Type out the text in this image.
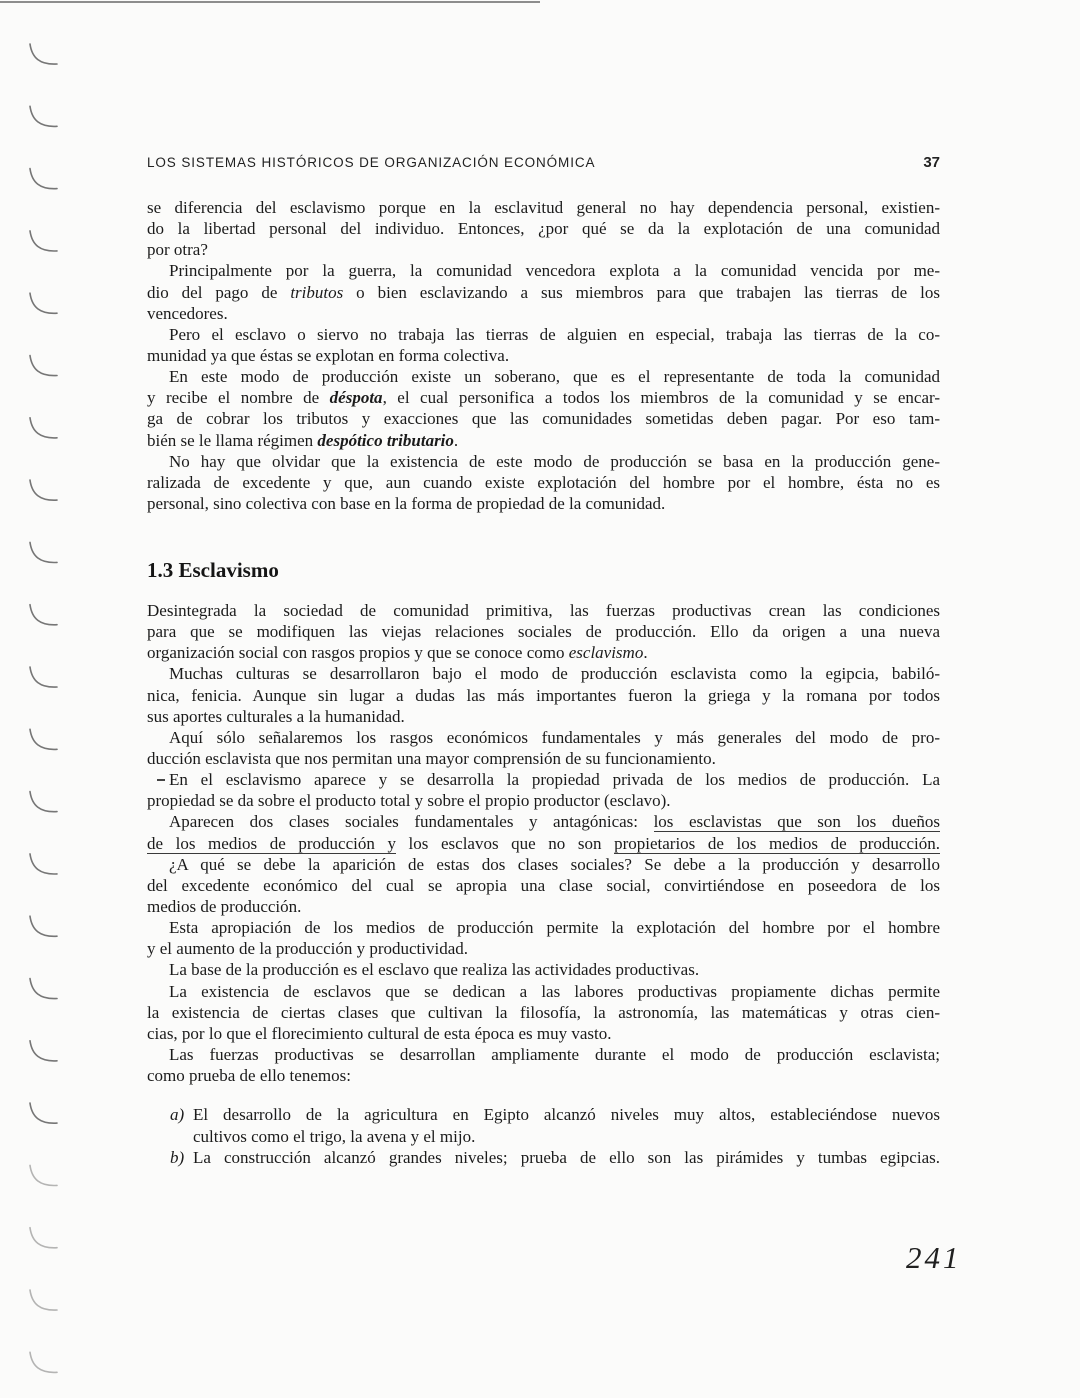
LOS SISTEMAS HISTÓRICOS DE ORGANIZACIÓN ECONÓMICA	37
se diferencia del esclavismo porque en la esclavitud general no hay dependencia personal, existien-
do la libertad personal del individuo. Entonces, ¿por qué se da la explotación de una comunidad
por otra?
Principalmente por la guerra, la comunidad vencedora explota a la comunidad vencida por me-
dio del pago de tributos o bien esclavizando a sus miembros para que trabajen las tierras de los
vencedores.
Pero el esclavo o siervo no trabaja las tierras de alguien en especial, trabaja las tierras de la co-
munidad ya que éstas se explotan en forma colectiva.
En este modo de producción existe un soberano, que es el representante de toda la comunidad
y recibe el nombre de déspota, el cual personifica a todos los miembros de la comunidad y se encar-
ga de cobrar los tributos y exacciones que las comunidades sometidas deben pagar. Por eso tam-
bién se le llama régimen despótico tributario.
No hay que olvidar que la existencia de este modo de producción se basa en la producción gene-
ralizada de excedente y que, aun cuando existe explotación del hombre por el hombre, ésta no es
personal, sino colectiva con base en la forma de propiedad de la comunidad.
1.3 Esclavismo
Desintegrada la sociedad de comunidad primitiva, las fuerzas productivas crean las condiciones
para que se modifiquen las viejas relaciones sociales de producción. Ello da origen a una nueva
organización social con rasgos propios y que se conoce como esclavismo.
Muchas culturas se desarrollaron bajo el modo de producción esclavista como la egipcia, babiló-
nica, fenicia. Aunque sin lugar a dudas las más importantes fueron la griega y la romana por todos
sus aportes culturales a la humanidad.
Aquí sólo señalaremos los rasgos económicos fundamentales y más generales del modo de pro-
ducción esclavista que nos permitan una mayor comprensión de su funcionamiento.
En el esclavismo aparece y se desarrolla la propiedad privada de los medios de producción. La
propiedad se da sobre el producto total y sobre el propio productor (esclavo).
Aparecen dos clases sociales fundamentales y antagónicas: los esclavistas que son los dueños
de los medios de producción y los esclavos que no son propietarios de los medios de producción.
¿A qué se debe la aparición de estas dos clases sociales? Se debe a la producción y desarrollo
del excedente económico del cual se apropia una clase social, convirtiéndose en poseedora de los
medios de producción.
Esta apropiación de los medios de producción permite la explotación del hombre por el hombre
y el aumento de la producción y productividad.
La base de la producción es el esclavo que realiza las actividades productivas.
La existencia de esclavos que se dedican a las labores productivas propiamente dichas permite
la existencia de ciertas clases que cultivan la filosofía, la astronomía, las matemáticas y otras cien-
cias, por lo que el florecimiento cultural de esta época es muy vasto.
Las fuerzas productivas se desarrollan ampliamente durante el modo de producción esclavista;
como prueba de ello tenemos:
a) El desarrollo de la agricultura en Egipto alcanzó niveles muy altos, estableciéndose nuevos
cultivos como el trigo, la avena y el mijo.
b) La construcción alcanzó grandes niveles; prueba de ello son las pirámides y tumbas egipcias.
241
